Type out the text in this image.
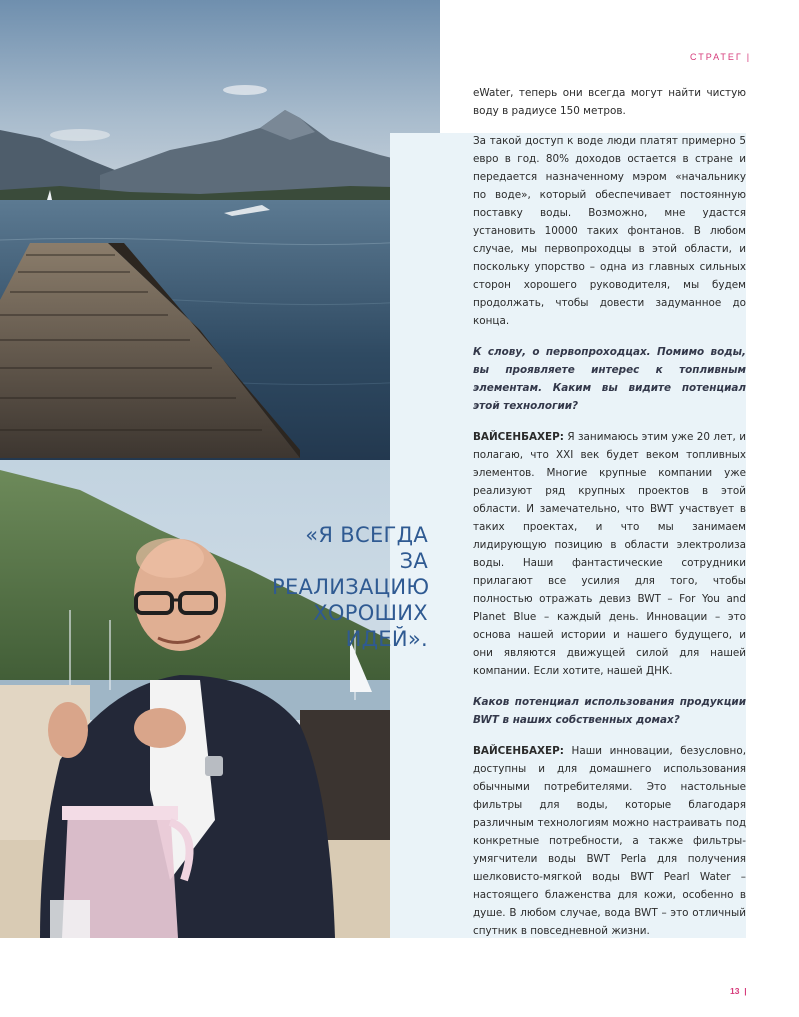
СТРАТЕГ |
«Я ВСЕГДА ЗА РЕАЛИЗАЦИЮ ХОРОШИХ ИДЕЙ».

eWater, теперь они всегда могут найти чистую воду в радиусе 150 метров.

За такой доступ к воде люди платят примерно 5 евро в год. 80% доходов остается в стране и передается назначенному мэром «начальнику по воде», который обеспечивает постоянную поставку воды. Возможно, мне удастся установить 10000 таких фонтанов. В любом случае, мы первопроходцы в этой области, и поскольку упорство – одна из главных сильных сторон хорошего руководителя, мы будем продолжать, чтобы довести задуманное до конца.

К слову, о первопроходцах. Помимо воды, вы проявляете интерес к топливным элементам. Каким вы видите потенциал этой технологии?

ВАЙСЕНБАХЕР: Я занимаюсь этим уже 20 лет, и полагаю, что XXI век будет веком топливных элементов. Многие крупные компании уже реализуют ряд крупных проектов в этой области. И замечательно, что BWT участвует в таких проектах, и что мы занимаем лидирующую позицию в области электролиза воды. Наши фантастические сотрудники прилагают все усилия для того, чтобы полностью отражать девиз BWT – For You and Planet Blue – каждый день. Инновации – это основа нашей истории и нашего будущего, и они являются движущей силой для нашей компании. Если хотите, нашей ДНК.

Каков потенциал использования продукции BWT в наших собственных домах?

ВАЙСЕНБАХЕР: Наши инновации, безусловно, доступны и для домашнего использования обычными потребителями. Это настольные фильтры для воды, которые благодаря различным технологиям можно настраивать под конкретные потребности, а также фильтры-умягчители воды BWT Perla для получения шелковисто-мягкой воды BWT Pearl Water – настоящего блаженства для кожи, особенно в душе. В любом случае, вода BWT – это отличный спутник в повседневной жизни.

13 |
